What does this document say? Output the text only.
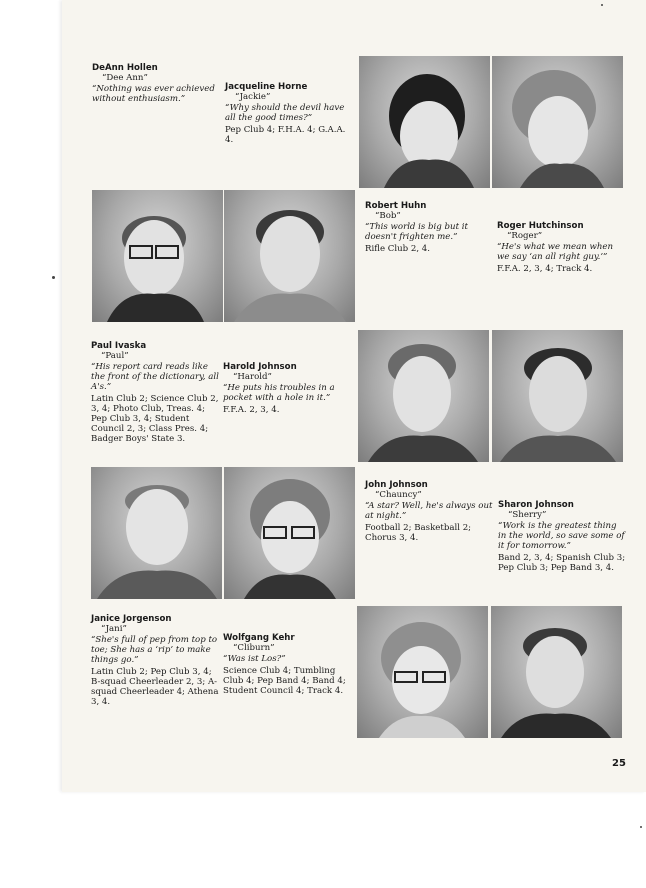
DeAnn Hollen
“Dee Ann”
“Nothing was ever achieved without enthusiasm.”
Jacqueline Horne
“Jackie”
“Why should the devil have all the good times?”
Pep Club 4; F.H.A. 4; G.A.A. 4.
Robert Huhn
“Bob”
“This world is big but it doesn't frighten me.”
Rifle Club 2, 4.
Roger Hutchinson
“Roger”
“He's what we mean when we say ‘an all right guy.’”
F.F.A. 2, 3, 4; Track 4.
Paul Ivaska
“Paul”
“His report card reads like the front of the dictionary, all A's.”
Latin Club 2; Science Club 2, 3, 4; Photo Club, Treas. 4; Pep Club 3, 4; Student Council 2, 3; Class Pres. 4; Badger Boys' State 3.
Harold Johnson
“Harold”
“He puts his troubles in a pocket with a hole in it.”
F.F.A. 2, 3, 4.
John Johnson
“Chauncy”
“A star? Well, he's always out at night.”
Football 2; Basketball 2; Chorus 3, 4.
Sharon Johnson
“Sherry”
“Work is the greatest thing in the world, so save some of it for tomorrow.”
Band 2, 3, 4; Spanish Club 3; Pep Club 3; Pep Band 3, 4.
Janice Jorgenson
“Jani”
“She's full of pep from top to toe; She has a ‘rip’ to make things go.”
Latin Club 2; Pep Club 3, 4; B-squad Cheerleader 2, 3; A-squad Cheerleader 4; Athena 3, 4.
Wolfgang Kehr
“Cliburn”
“Was ist Los?”
Science Club 4; Tumbling Club 4; Pep Band 4; Band 4; Student Council 4; Track 4.
25
